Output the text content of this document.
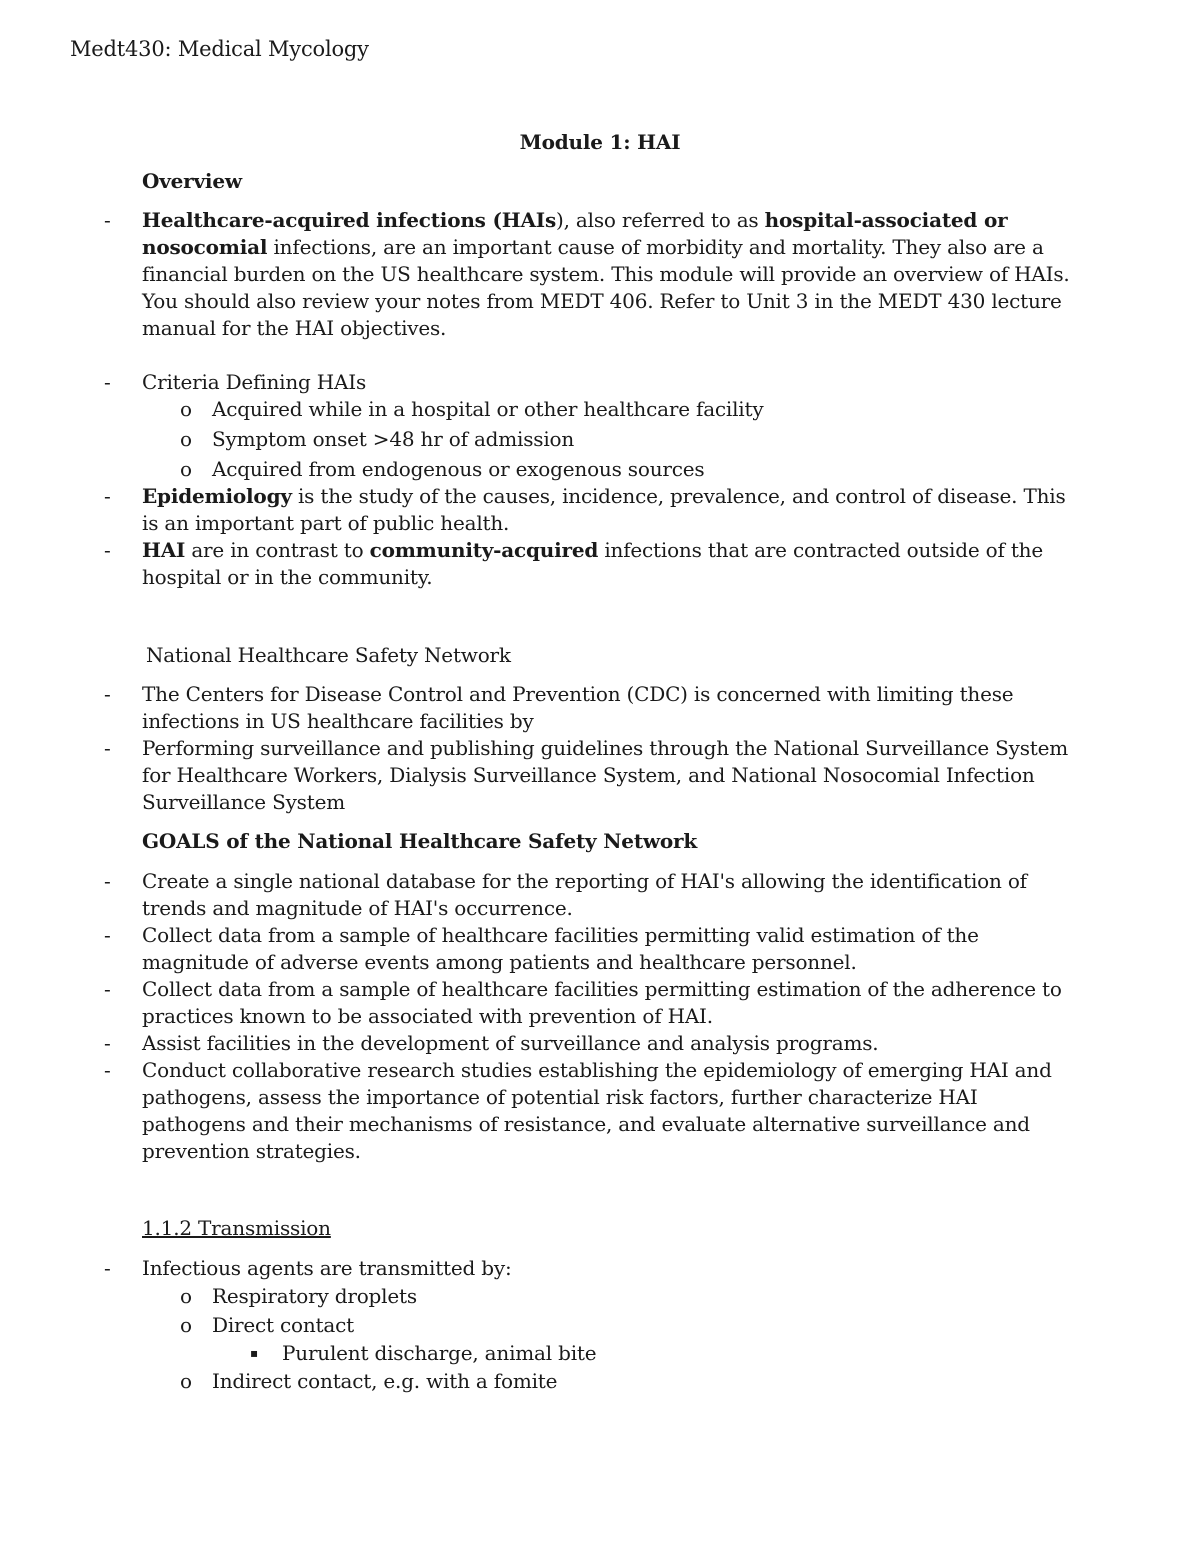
Medt430: Medical Mycology
Module 1: HAI
Overview
- Healthcare-acquired infections (HAIs), also referred to as hospital-associated or nosocomial infections, are an important cause of morbidity and mortality. They also are a financial burden on the US healthcare system. This module will provide an overview of HAIs. You should also review your notes from MEDT 406. Refer to Unit 3 in the MEDT 430 lecture manual for the HAI objectives.
- Criteria Defining HAIs
o Acquired while in a hospital or other healthcare facility
o Symptom onset >48 hr of admission
o Acquired from endogenous or exogenous sources
- Epidemiology is the study of the causes, incidence, prevalence, and control of disease. This is an important part of public health.
- HAI are in contrast to community-acquired infections that are contracted outside of the hospital or in the community.
National Healthcare Safety Network
- The Centers for Disease Control and Prevention (CDC) is concerned with limiting these infections in US healthcare facilities by
- Performing surveillance and publishing guidelines through the National Surveillance System for Healthcare Workers, Dialysis Surveillance System, and National Nosocomial Infection Surveillance System
GOALS of the National Healthcare Safety Network
- Create a single national database for the reporting of HAI's allowing the identification of trends and magnitude of HAI's occurrence.
- Collect data from a sample of healthcare facilities permitting valid estimation of the magnitude of adverse events among patients and healthcare personnel.
- Collect data from a sample of healthcare facilities permitting estimation of the adherence to practices known to be associated with prevention of HAI.
- Assist facilities in the development of surveillance and analysis programs.
- Conduct collaborative research studies establishing the epidemiology of emerging HAI and pathogens, assess the importance of potential risk factors, further characterize HAI pathogens and their mechanisms of resistance, and evaluate alternative surveillance and prevention strategies.
1.1.2 Transmission
- Infectious agents are transmitted by:
o Respiratory droplets
o Direct contact
▪ Purulent discharge, animal bite
o Indirect contact, e.g. with a fomite
